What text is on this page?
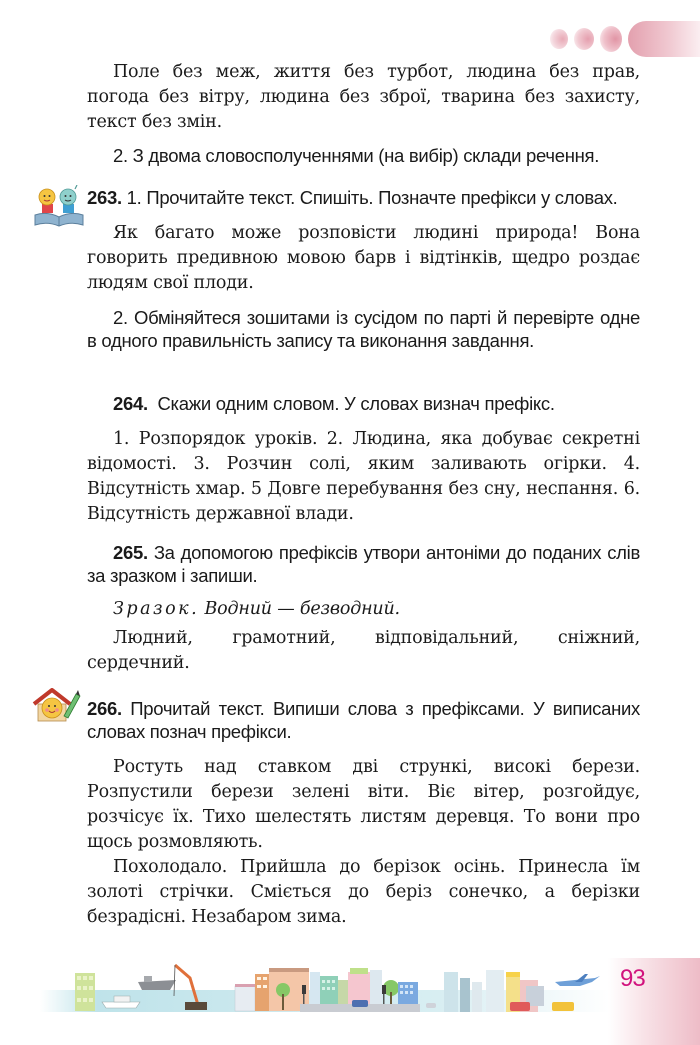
Поле без меж, життя без турбот, людина без прав, погода без вітру, людина без зброї, тварина без захисту, текст без змін.

2. З двома словосполученнями (на вибір) склади речення.

263. 1. Прочитайте текст. Спишіть. Позначте префікси у словах.

Як багато може розповісти людині природа! Вона говорить предивною мовою барв і відтінків, щедро роздає людям свої плоди.

2. Обміняйтеся зошитами із сусідом по парті й перевірте одне в одного правильність запису та виконання завдання.

264. Скажи одним словом. У словах визнач префікс.

1. Розпорядок уроків. 2. Людина, яка добуває секретні відомості. 3. Розчин солі, яким заливають огірки. 4. Відсутність хмар. 5 Довге перебування без сну, неспання. 6. Відсутність державної влади.

265. За допомогою префіксів утвори антоніми до поданих слів за зразком і запиши.

Зразок. Водний — безводний.

Людний, грамотний, відповідальний, сніжний, сердечний.

266. Прочитай текст. Випиши слова з префіксами. У виписаних словах познач префікси.

Ростуть над ставком дві стрункі, високі берези. Розпустили берези зелені віти. Віє вітер, розгойдує, розчісує їх. Тихо шелестять листям деревця. То вони про щось розмовляють.

Похолодало. Прийшла до берізок осінь. Принесла їм золоті стрічки. Сміється до беріз сонечко, а берізки безрадісні. Незабаром зима.

93
